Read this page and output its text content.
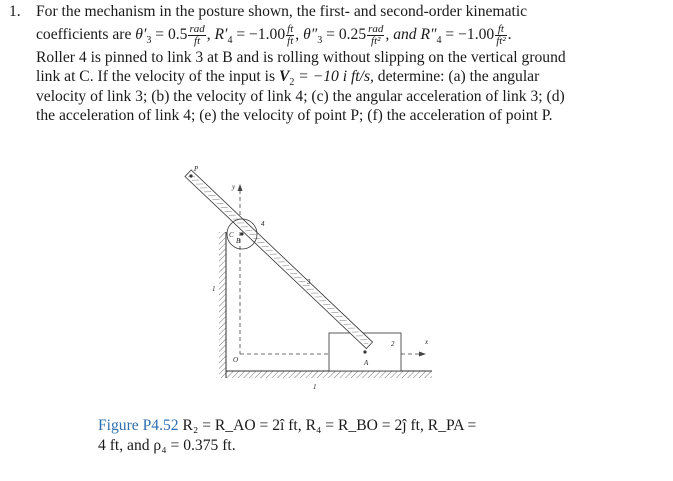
1. For the mechanism in the posture shown, the first- and second-order kinematic
coefficients are $\theta'_3 = 0.5 \frac{\text{rad}}{ft}$ , $R'_4 = -1.00 \frac{ft}{ft}$ , $\theta''_3 = 0.25 \frac{\text{rad}}{\text{ft²}}$ , and $R''_4 = -1.00 \frac{ft}{\text{ft²}}$ .
Roller 4 is pinned to link 3 at B and is rolling without slipping on the vertical ground
link at C. If the velocity of the input is $V_2 = -10$ i ft/s, determine: (a) the angular
velocity of link 3; (b) the velocity of link 4; (c) the angular acceleration of link 3; (d)
the acceleration of link 4; (e) the velocity of point P; (f) the acceleration of point P.
P
y
C
B
4
1
3
2	x
O	A
1
Figure P4.52 R₂ = R_AO = 2î ft, R₄ = R_BO = 2ĵ ft, R_PA =
4 ft, and ρ₄ = 0.375 ft.
